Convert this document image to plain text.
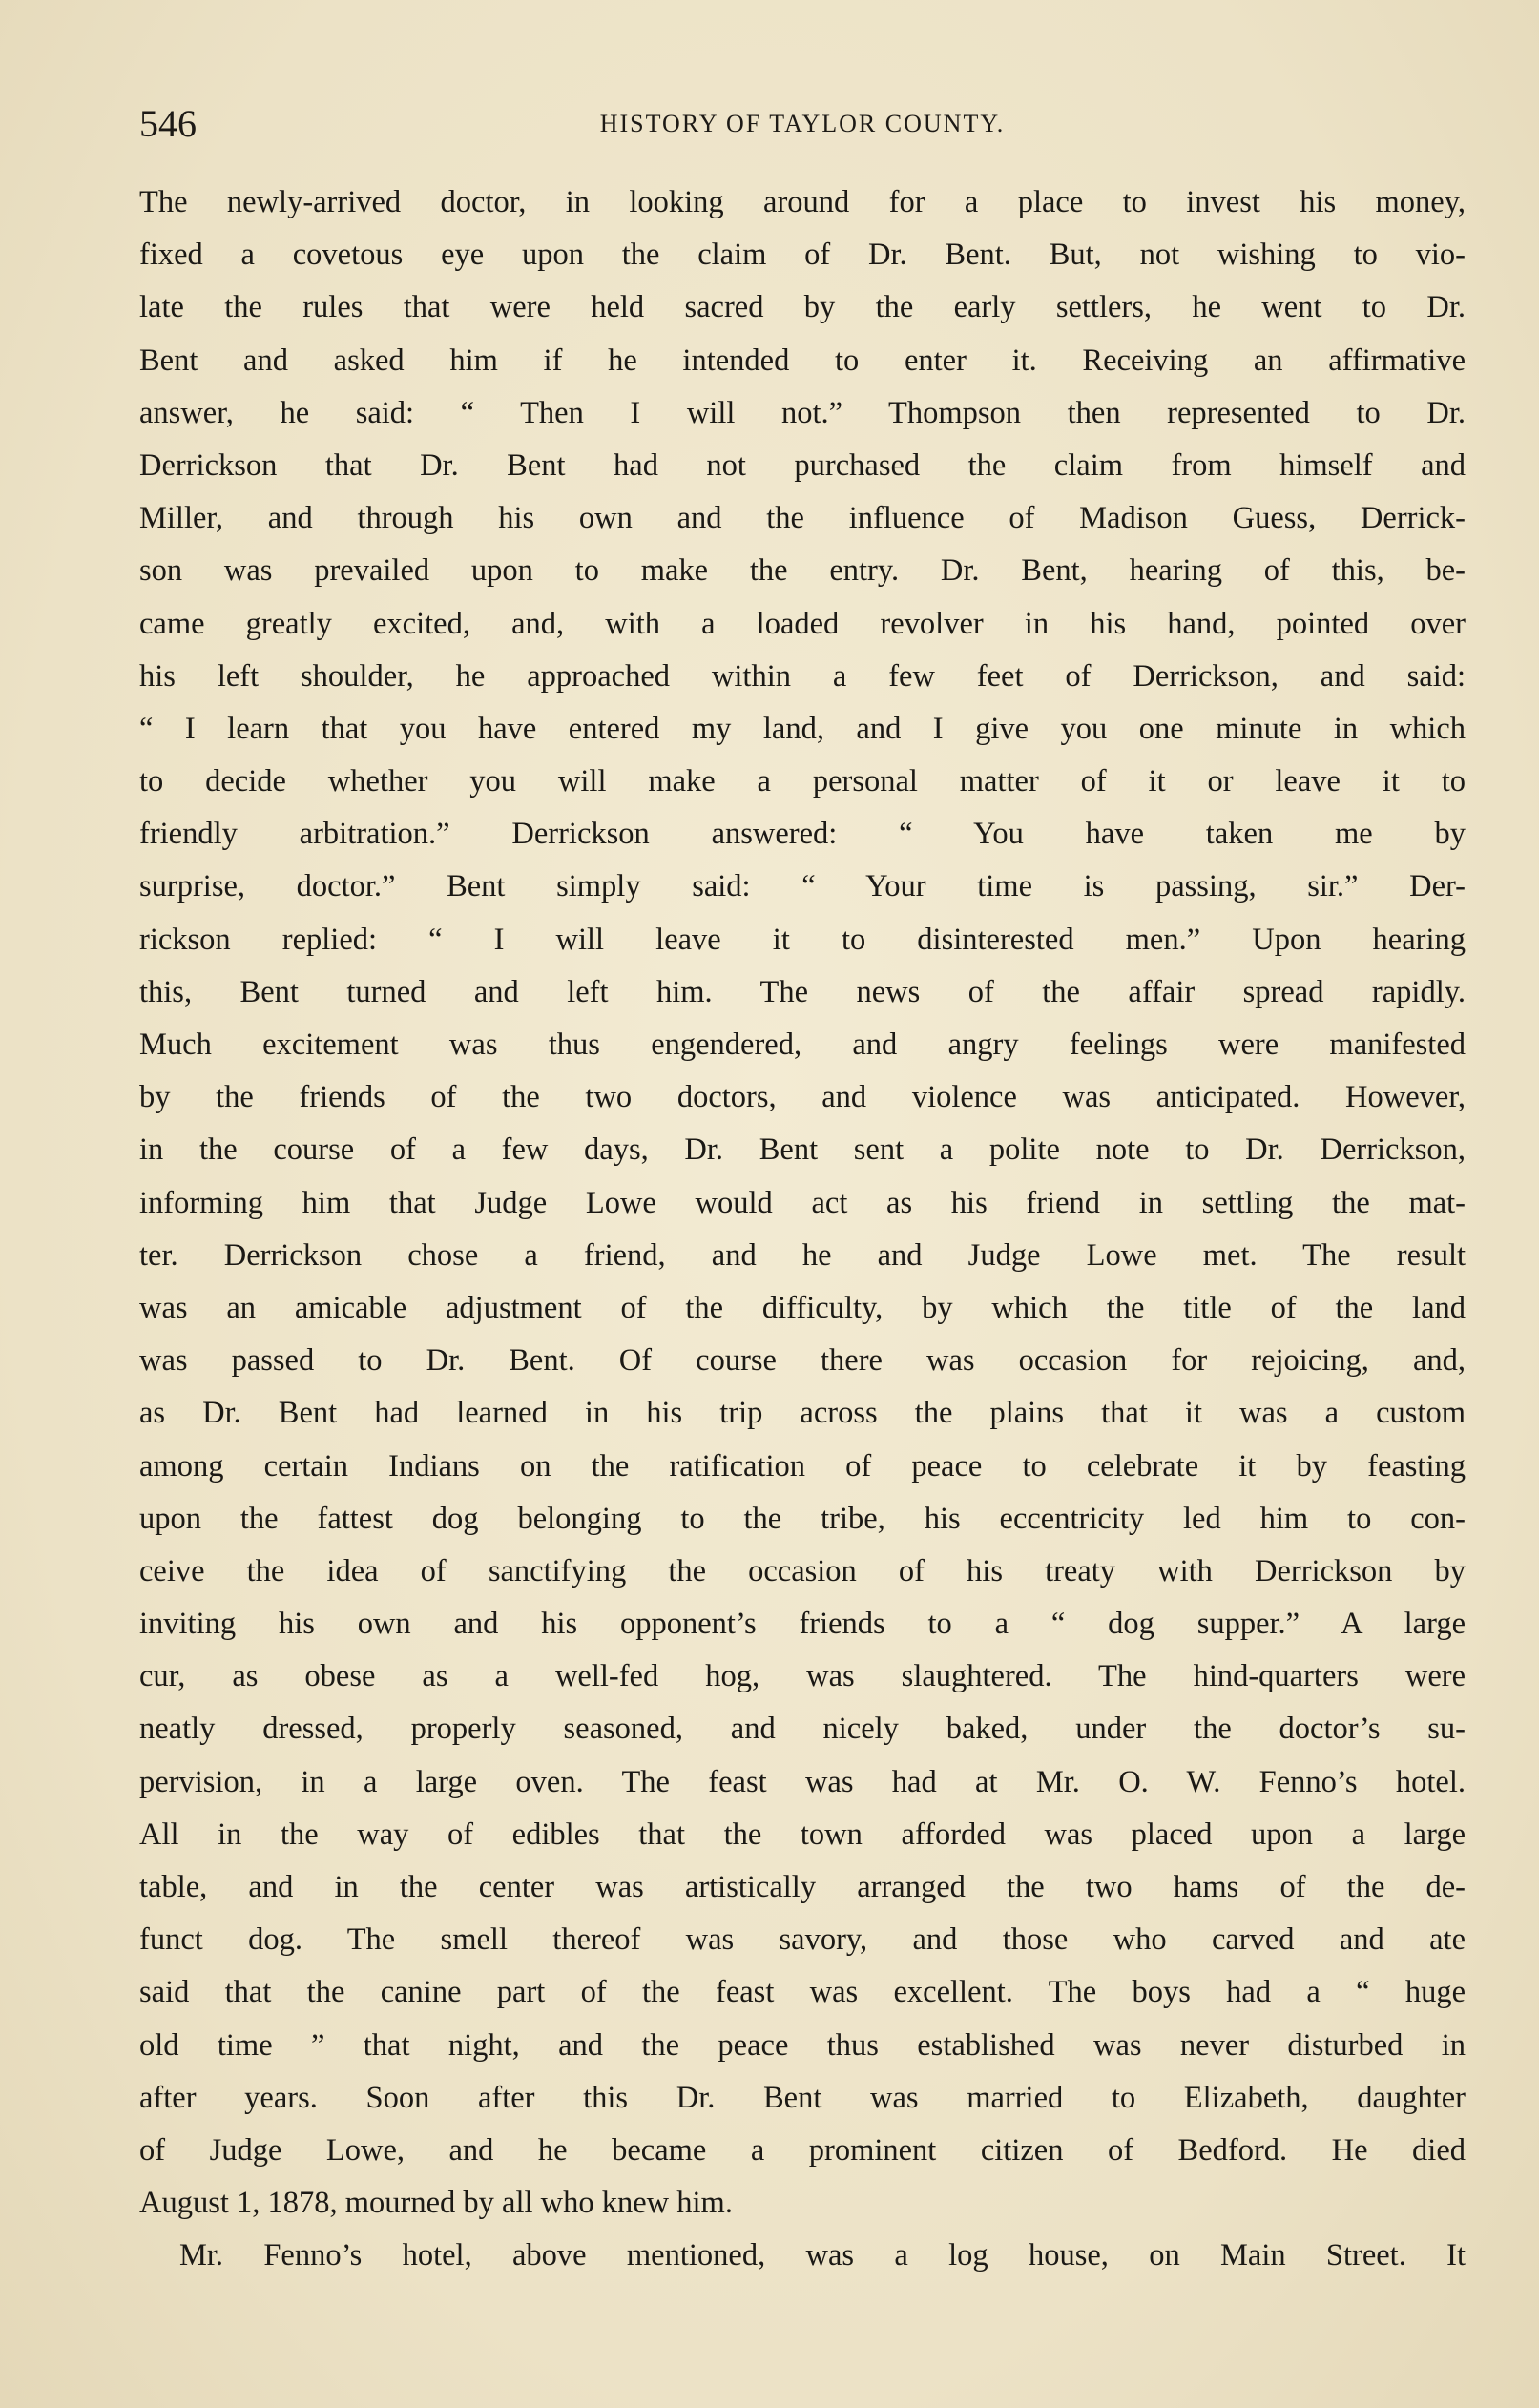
546	HISTORY OF TAYLOR COUNTY.
The newly-arrived doctor, in looking around for a place to invest his money,
fixed a covetous eye upon the claim of Dr. Bent. But, not wishing to vio-
late the rules that were held sacred by the early settlers, he went to Dr.
Bent and asked him if he intended to enter it. Receiving an affirmative
answer, he said: “ Then I will not.” Thompson then represented to Dr.
Derrickson that Dr. Bent had not purchased the claim from himself and
Miller, and through his own and the influence of Madison Guess, Derrick-
son was prevailed upon to make the entry. Dr. Bent, hearing of this, be-
came greatly excited, and, with a loaded revolver in his hand, pointed over
his left shoulder, he approached within a few feet of Derrickson, and said:
“ I learn that you have entered my land, and I give you one minute in which
to decide whether you will make a personal matter of it or leave it to
friendly arbitration.” Derrickson answered: “ You have taken me by
surprise, doctor.” Bent simply said: “ Your time is passing, sir.” Der-
rickson replied: “ I will leave it to disinterested men.” Upon hearing
this, Bent turned and left him. The news of the affair spread rapidly.
Much excitement was thus engendered, and angry feelings were manifested
by the friends of the two doctors, and violence was anticipated. However,
in the course of a few days, Dr. Bent sent a polite note to Dr. Derrickson,
informing him that Judge Lowe would act as his friend in settling the mat-
ter. Derrickson chose a friend, and he and Judge Lowe met. The result
was an amicable adjustment of the difficulty, by which the title of the land
was passed to Dr. Bent. Of course there was occasion for rejoicing, and,
as Dr. Bent had learned in his trip across the plains that it was a custom
among certain Indians on the ratification of peace to celebrate it by feasting
upon the fattest dog belonging to the tribe, his eccentricity led him to con-
ceive the idea of sanctifying the occasion of his treaty with Derrickson by
inviting his own and his opponent’s friends to a “ dog supper.” A large
cur, as obese as a well-fed hog, was slaughtered. The hind-quarters were
neatly dressed, properly seasoned, and nicely baked, under the doctor’s su-
pervision, in a large oven. The feast was had at Mr. O. W. Fenno’s hotel.
All in the way of edibles that the town afforded was placed upon a large
table, and in the center was artistically arranged the two hams of the de-
funct dog. The smell thereof was savory, and those who carved and ate
said that the canine part of the feast was excellent. The boys had a “ huge
old time ” that night, and the peace thus established was never disturbed in
after years. Soon after this Dr. Bent was married to Elizabeth, daughter
of Judge Lowe, and he became a prominent citizen of Bedford. He died
August 1, 1878, mourned by all who knew him.
Mr. Fenno’s hotel, above mentioned, was a log house, on Main Street. It
